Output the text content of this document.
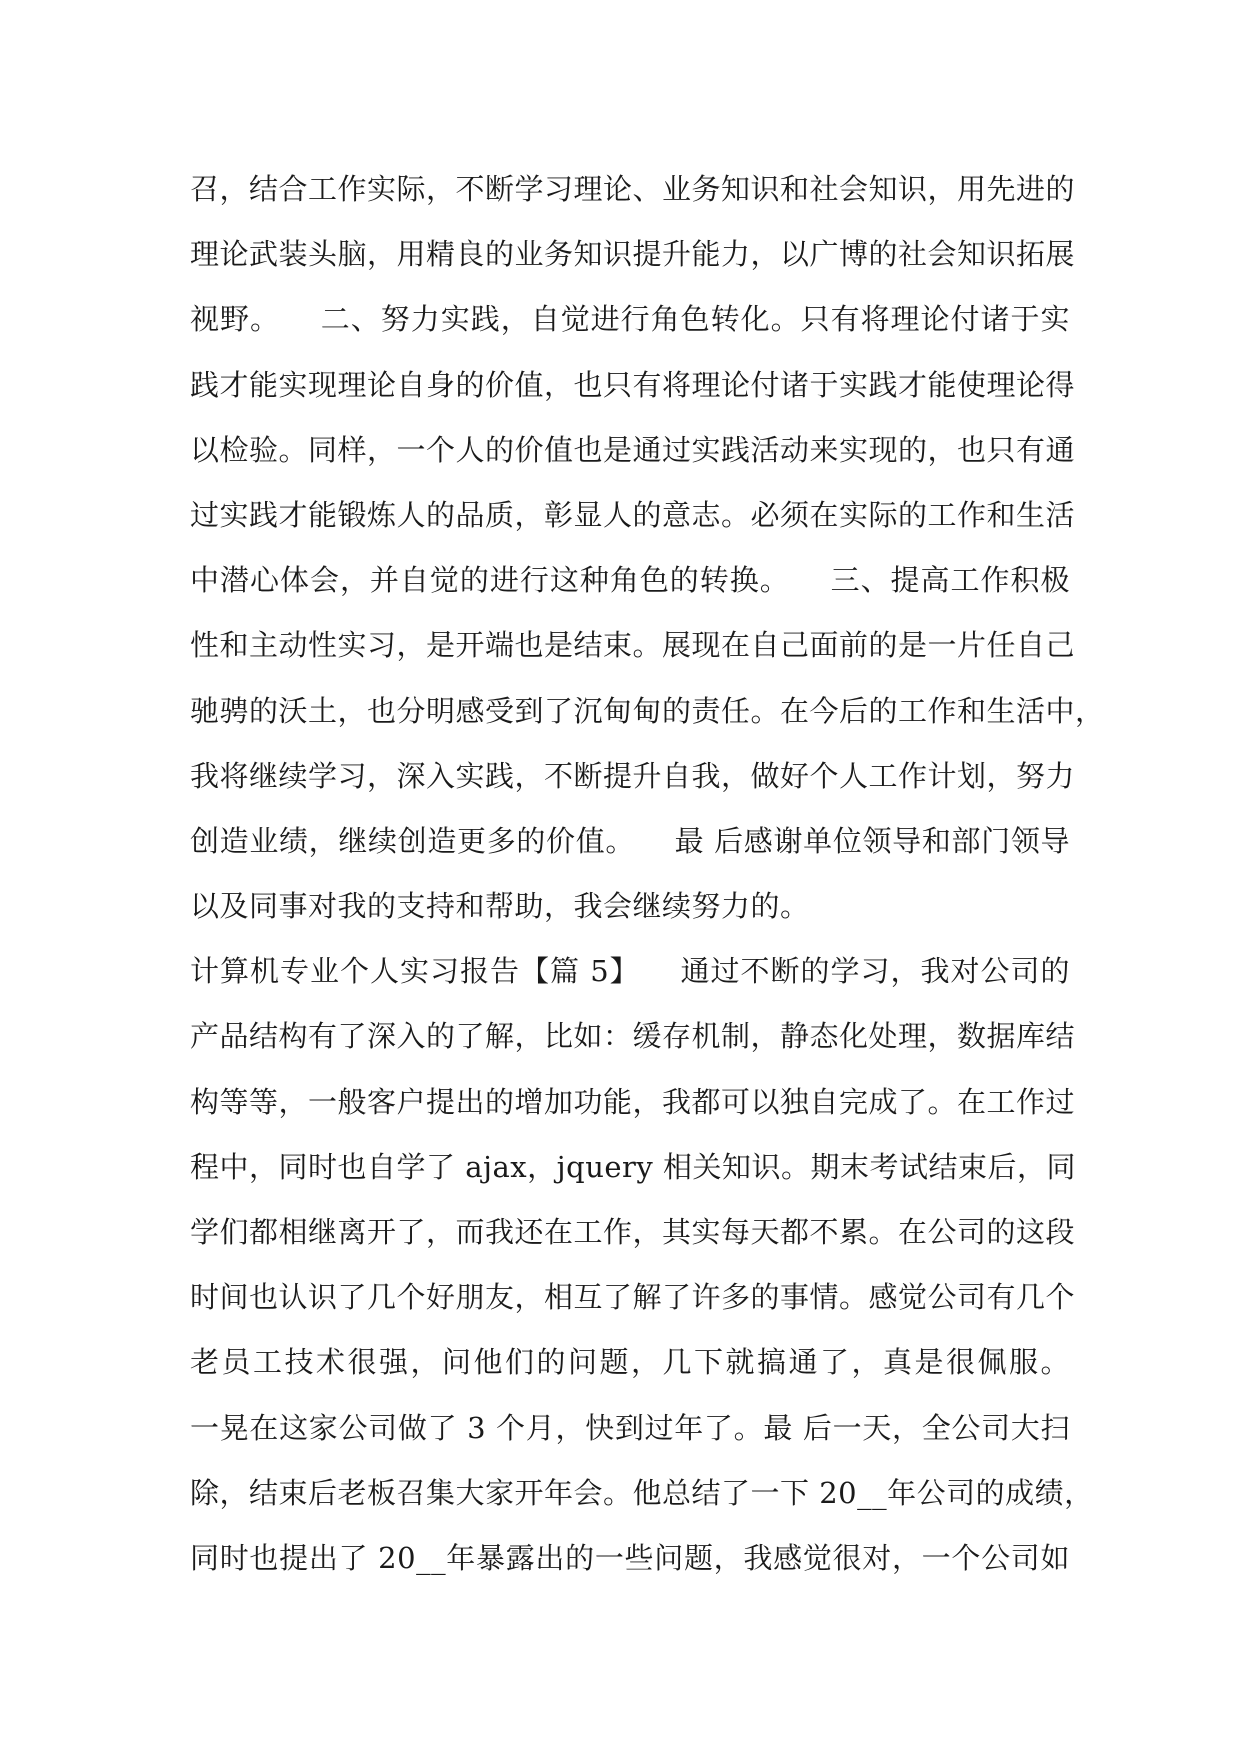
召，结合工作实际，不断学习理论、业务知识和社会知识，用先进的
理论武装头脑，用精良的业务知识提升能力，以广博的社会知识拓展
视野。    二、努力实践，自觉进行角色转化。只有将理论付诸于实
践才能实现理论自身的价值，也只有将理论付诸于实践才能使理论得
以检验。同样，一个人的价值也是通过实践活动来实现的，也只有通
过实践才能锻炼人的品质，彰显人的意志。必须在实际的工作和生活
中潜心体会，并自觉的进行这种角色的转换。    三、提高工作积极
性和主动性实习，是开端也是结束。展现在自己面前的是一片任自己
驰骋的沃土，也分明感受到了沉甸甸的责任。在今后的工作和生活中，
我将继续学习，深入实践，不断提升自我，做好个人工作计划，努力
创造业绩，继续创造更多的价值。    最 后感谢单位领导和部门领导
以及同事对我的支持和帮助，我会继续努力的。
计算机专业个人实习报告【篇 5】    通过不断的学习，我对公司的
产品结构有了深入的了解，比如：缓存机制，静态化处理，数据库结
构等等，一般客户提出的增加功能，我都可以独自完成了。在工作过
程中，同时也自学了 ajax，jquery 相关知识。期末考试结束后，同
学们都相继离开了，而我还在工作，其实每天都不累。在公司的这段
时间也认识了几个好朋友，相互了解了许多的事情。感觉公司有几个
老员工技术很强，问他们的问题，几下就搞通了，真是很佩服。
一晃在这家公司做了 3 个月，快到过年了。最 后一天，全公司大扫
除，结束后老板召集大家开年会。他总结了一下 20__年公司的成绩，
同时也提出了 20__年暴露出的一些问题，我感觉很对，一个公司如
